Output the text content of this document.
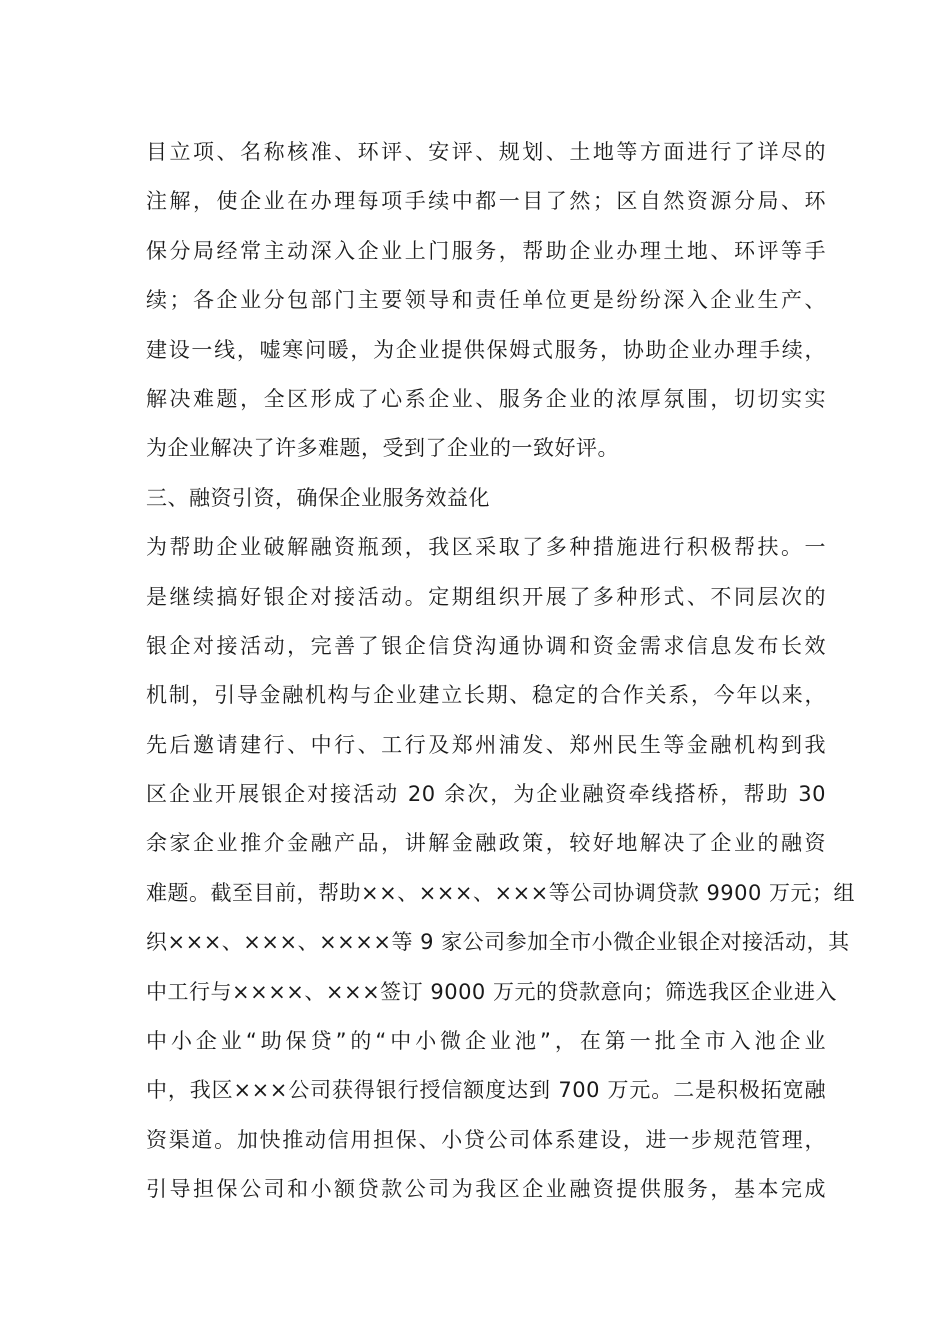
目立项、名称核准、环评、安评、规划、土地等方面进行了详尽的
注解，使企业在办理每项手续中都一目了然；区自然资源分局、环
保分局经常主动深入企业上门服务，帮助企业办理土地、环评等手
续；各企业分包部门主要领导和责任单位更是纷纷深入企业生产、
建设一线，嘘寒问暖，为企业提供保姆式服务，协助企业办理手续，
解决难题，全区形成了心系企业、服务企业的浓厚氛围，切切实实
为企业解决了许多难题，受到了企业的一致好评。
三、融资引资，确保企业服务效益化
为帮助企业破解融资瓶颈，我区采取了多种措施进行积极帮扶。一
是继续搞好银企对接活动。定期组织开展了多种形式、不同层次的
银企对接活动，完善了银企信贷沟通协调和资金需求信息发布长效
机制，引导金融机构与企业建立长期、稳定的合作关系，今年以来，
先后邀请建行、中行、工行及郑州浦发、郑州民生等金融机构到我
区企业开展银企对接活动 20 余次，为企业融资牵线搭桥，帮助 30
余家企业推介金融产品，讲解金融政策，较好地解决了企业的融资
难题。截至目前，帮助××、×××、×××等公司协调贷款 9900 万元；组
织×××、×××、××××等 9 家公司参加全市小微企业银企对接活动，其
中工行与××××、×××签订 9000 万元的贷款意向；筛选我区企业进入
中小企业“助保贷”的“中小微企业池”，在第一批全市入池企业
中，我区×××公司获得银行授信额度达到 700 万元。二是积极拓宽融
资渠道。加快推动信用担保、小贷公司体系建设，进一步规范管理，
引导担保公司和小额贷款公司为我区企业融资提供服务，基本完成
